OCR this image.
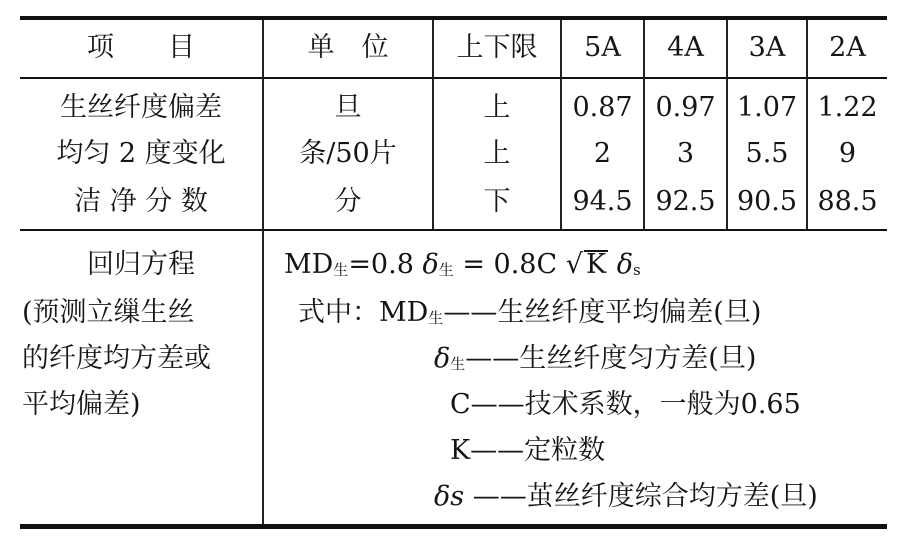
项　　目	单　位	上下限	5A	4A	3A	2A
生丝纤度偏差	旦	上	0.87 0.97 1.07 1.22
均匀 2 度变化	条/50片	上	2	3	5.5	9
洁 净 分 数	分	下	94.5 92.5 90.5 88.5
回归方程
(预测立缫生丝
的纤度均方差或
平均偏差)
$MD_生=0.8$ $\delta_生 = 0.8C$ √ K $\delta_s$
式中：$MD_生——$生丝纤度平均偏差(旦)
$\delta_生——$生丝纤度匀方差(旦)
C——技术系数，一般为0.65
K——定粒数
δs ——茧丝纤度综合均方差(旦)
